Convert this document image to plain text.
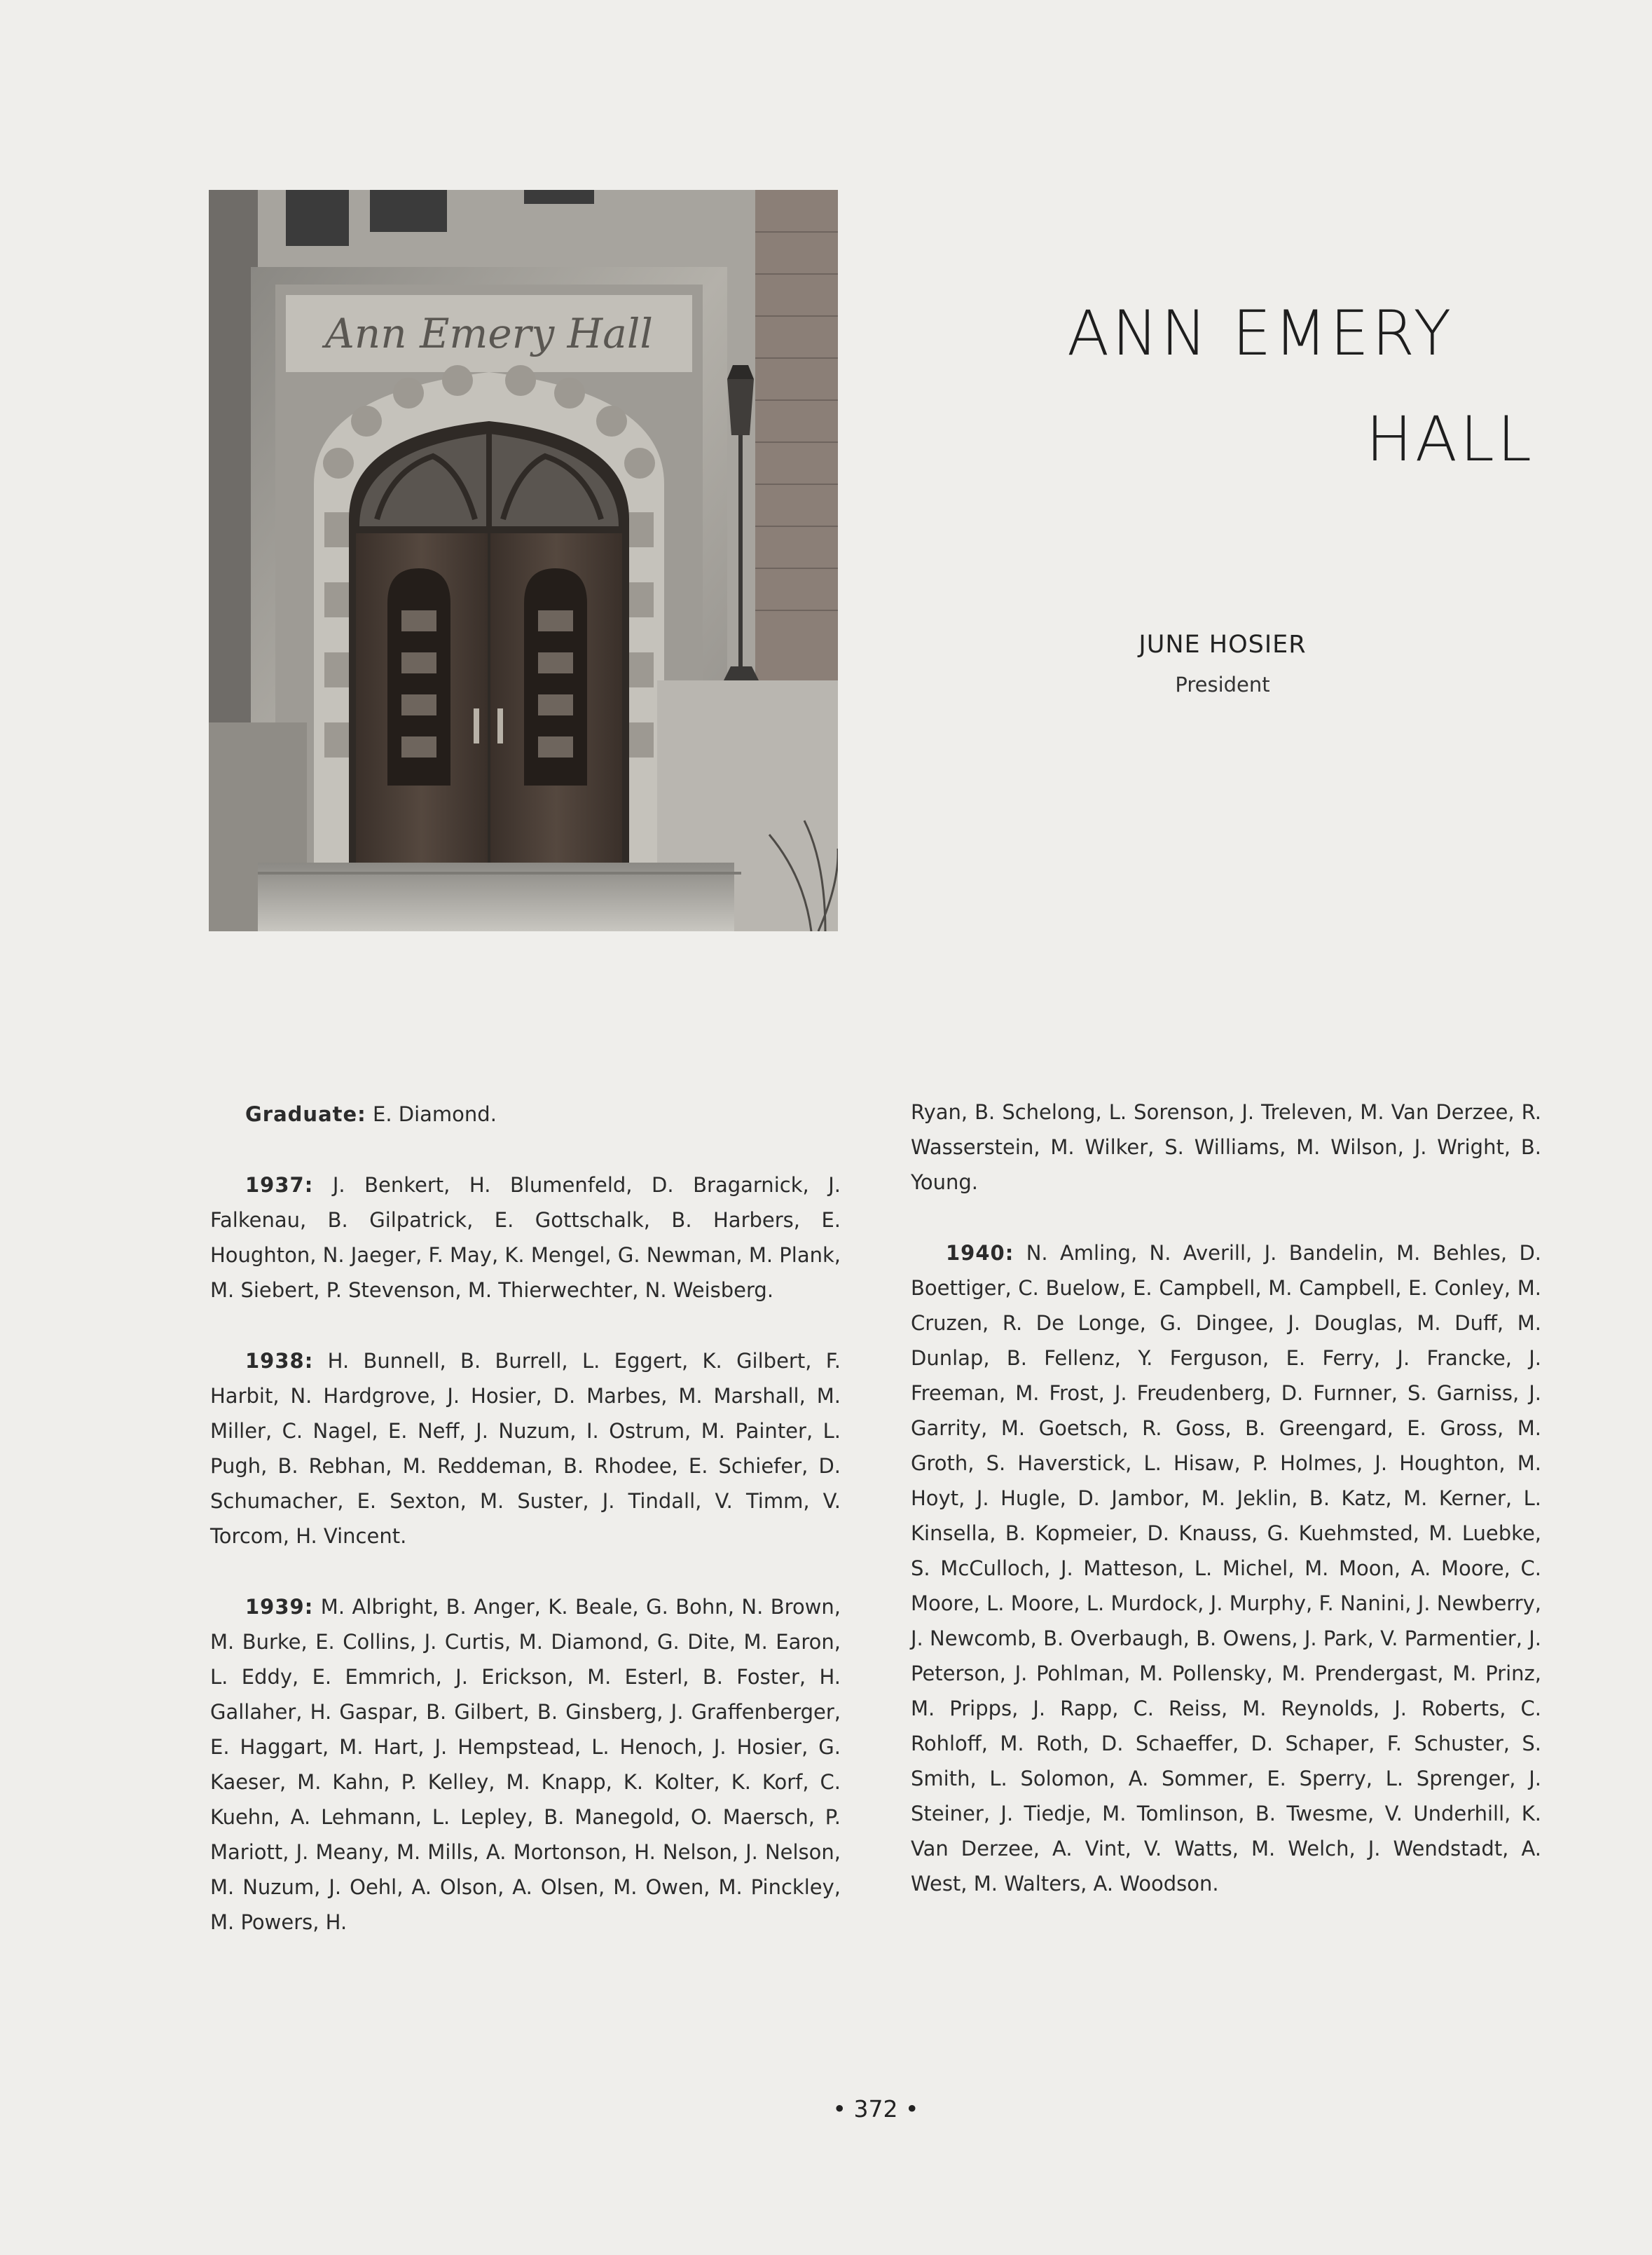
Ann Emery Hall	ANN EMERY
HALL
JUNE HOSIER
President

Graduate: E. Diamond.

1937: J. Benkert, H. Blumenfeld, D. Bragarnick, J. Falkenau, B. Gilpatrick, E. Gottschalk, B. Harbers, E. Houghton, N. Jaeger, F. May, K. Mengel, G. Newman, M. Plank, M. Siebert, P. Stevenson, M. Thierwechter, N. Weisberg.

1938: H. Bunnell, B. Burrell, L. Eggert, K. Gilbert, F. Harbit, N. Hardgrove, J. Hosier, D. Marbes, M. Marshall, M. Miller, C. Nagel, E. Neff, J. Nuzum, I. Ostrum, M. Painter, L. Pugh, B. Rebhan, M. Reddeman, B. Rhodee, E. Schiefer, D. Schumacher, E. Sexton, M. Suster, J. Tindall, V. Timm, V. Torcom, H. Vincent.

1939: M. Albright, B. Anger, K. Beale, G. Bohn, N. Brown, M. Burke, E. Collins, J. Curtis, M. Diamond, G. Dite, M. Earon, L. Eddy, E. Emmrich, J. Erickson, M. Esterl, B. Foster, H. Gallaher, H. Gaspar, B. Gilbert, B. Ginsberg, J. Graffenberger, E. Haggart, M. Hart, J. Hempstead, L. Henoch, J. Hosier, G. Kaeser, M. Kahn, P. Kelley, M. Knapp, K. Kolter, K. Korf, C. Kuehn, A. Lehmann, L. Lepley, B. Manegold, O. Maersch, P. Mariott, J. Meany, M. Mills, A. Mortonson, H. Nelson, J. Nelson, M. Nuzum, J. Oehl, A. Olson, A. Olsen, M. Owen, M. Pinckley, M. Powers, H.

Ryan, B. Schelong, L. Sorenson, J. Treleven, M. Van Derzee, R. Wasserstein, M. Wilker, S. Williams, M. Wilson, J. Wright, B. Young.

1940: N. Amling, N. Averill, J. Bandelin, M. Behles, D. Boettiger, C. Buelow, E. Campbell, M. Campbell, E. Conley, M. Cruzen, R. De Longe, G. Dingee, J. Douglas, M. Duff, M. Dunlap, B. Fellenz, Y. Ferguson, E. Ferry, J. Francke, J. Freeman, M. Frost, J. Freudenberg, D. Furnner, S. Garniss, J. Garrity, M. Goetsch, R. Goss, B. Greengard, E. Gross, M. Groth, S. Haverstick, L. Hisaw, P. Holmes, J. Houghton, M. Hoyt, J. Hugle, D. Jambor, M. Jeklin, B. Katz, M. Kerner, L. Kinsella, B. Kopmeier, D. Knauss, G. Kuehmsted, M. Luebke, S. McCulloch, J. Matteson, L. Michel, M. Moon, A. Moore, C. Moore, L. Moore, L. Murdock, J. Murphy, F. Nanini, J. Newberry, J. Newcomb, B. Overbaugh, B. Owens, J. Park, V. Parmentier, J. Peterson, J. Pohlman, M. Pollensky, M. Prendergast, M. Prinz, M. Pripps, J. Rapp, C. Reiss, M. Reynolds, J. Roberts, C. Rohloff, M. Roth, D. Schaeffer, D. Schaper, F. Schuster, S. Smith, L. Solomon, A. Sommer, E. Sperry, L. Sprenger, J. Steiner, J. Tiedje, M. Tomlinson, B. Twesme, V. Underhill, K. Van Derzee, A. Vint, V. Watts, M. Welch, J. Wendstadt, A. West, M. Walters, A. Woodson.

• 372 •
